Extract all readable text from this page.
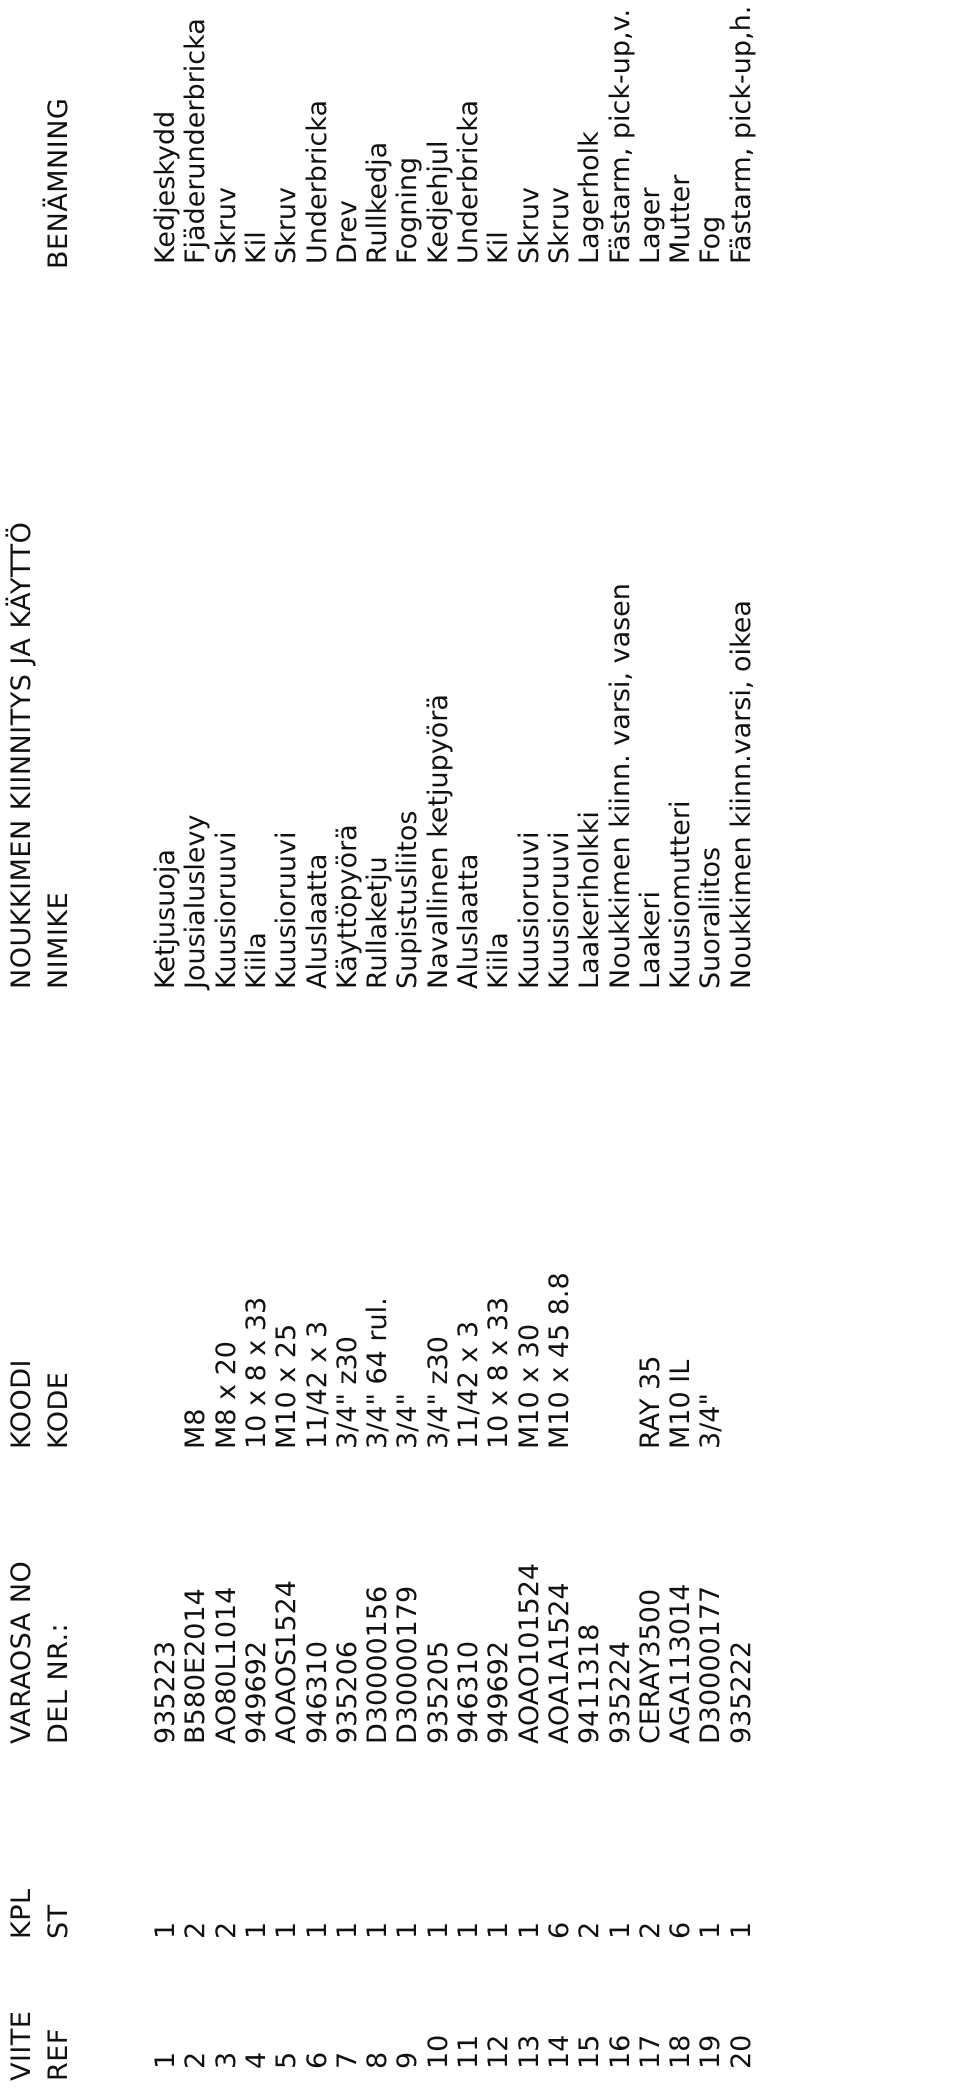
VIITE REF
KPL ST
VARAOSA NO DEL NR.:
KOODI KODE
NOUKKIMEN KIINNITYS JA KÄYTTÖ NIMIKE
BENÄMNING
1
1
935223
Ketjusuoja
Kedjeskydd
2
2
B580E2014
M8
Jousialuslevy
Fjäderunderbricka
3
2
AO80L1014
M8 x 20
Kuusioruuvi
Skruv
4
1
949692
10 x 8 x 33
Kiila
Kil
5
1
AOAOS1524
M10 x 25
Kuusioruuvi
Skruv
6
1
946310
11/42 x 3
Aluslaatta
Underbricka
7
1
935206
3/4" z30
Käyttöpyörä
Drev
8
1
D30000156
3/4" 64 rul.
Rullaketju
Rullkedja
9
1
D30000179
3/4"
Supistusliitos
Fogning
10
1
935205
3/4" z30
Navallinen ketjupyörä
Kedjehjul
11
1
946310
11/42 x 3
Aluslaatta
Underbricka
12
1
949692
10 x 8 x 33
Kiila
Kil
13
1
AOAO101524
M10 x 30
Kuusioruuvi
Skruv
14
6
AOA1A1524
M10 x 45 8.8
Kuusioruuvi
Skruv
15
2
9411318
Laakeriholkki
Lagerholk
16
1
935224
Noukkimen kiinn. varsi, vasen
Fästarm, pick-up,v.
17
2
CERAY3500
RAY 35
Laakeri
Lager
18
6
AGA113014
M10 IL
Kuusiomutteri
Mutter
19
1
D30000177
3/4"
Suoraliitos
Fog
20
1
935222
Noukkimen kiinn.varsi, oikea
Fästarm, pick-up,h.
